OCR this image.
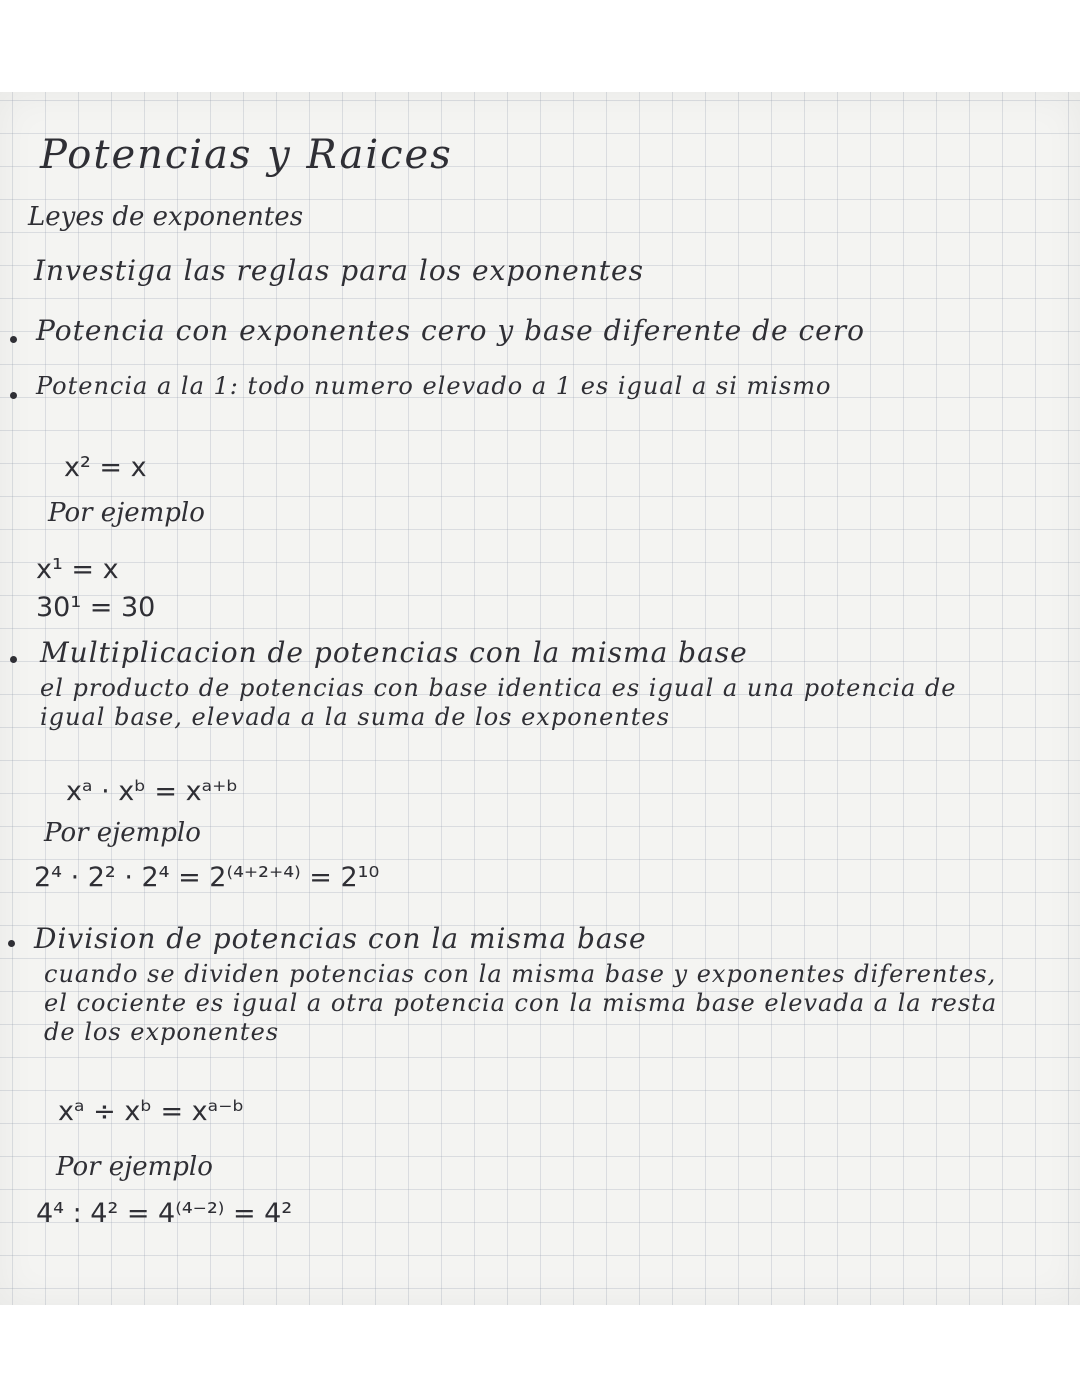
Potencias y Raices
Leyes de exponentes
Investiga las reglas para los exponentes
Potencia con exponentes cero y base diferente de cero
Potencia a la 1: todo numero elevado a 1 es igual a si mismo
x² = x
Por ejemplo
x¹ = x
30¹ = 30
Multiplicacion de potencias con la misma base
el producto de potencias con base identica es igual a una potencia de igual base, elevada a la suma de los exponentes
xᵃ · xᵇ = xᵃ⁺ᵇ
Por ejemplo
2⁴ · 2² · 2⁴ = 2⁽⁴⁺²⁺⁴⁾ = 2¹⁰
Division de potencias con la misma base
cuando se dividen potencias con la misma base y exponentes diferentes, el cociente es igual a otra potencia con la misma base elevada a la resta de los exponentes
xᵃ ÷ xᵇ = xᵃ⁻ᵇ
Por ejemplo
4⁴ : 4² = 4⁽⁴⁻²⁾ = 4²
